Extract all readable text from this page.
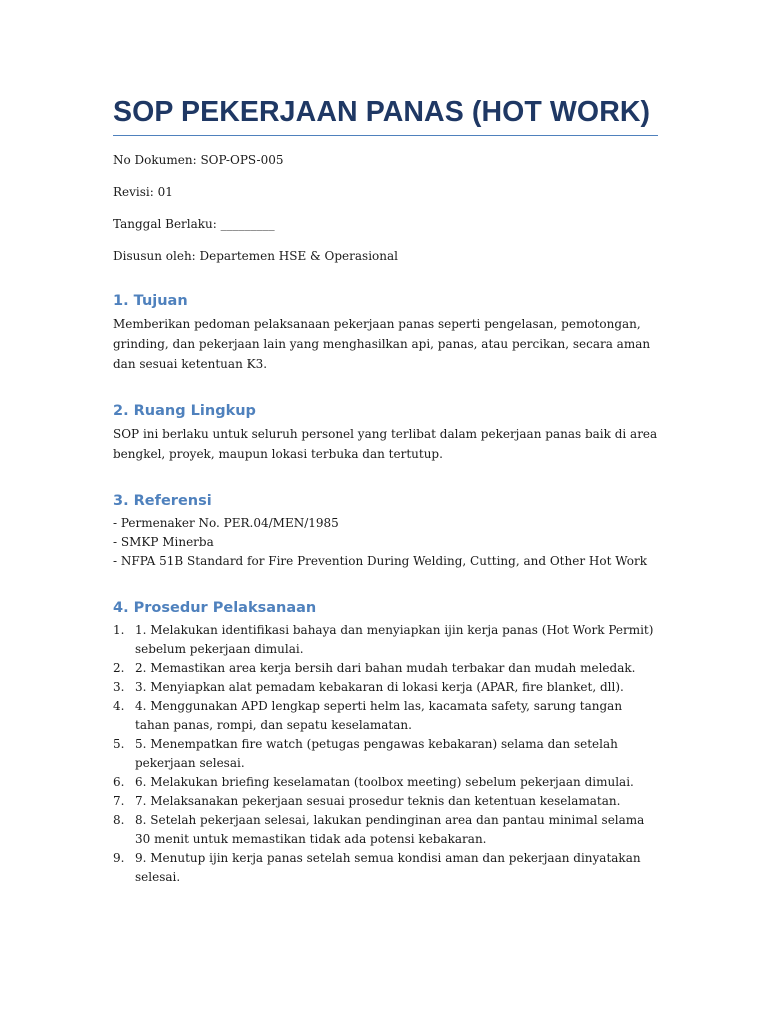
SOP PEKERJAAN PANAS (HOT WORK)

No Dokumen: SOP-OPS-005

Revisi: 01

Tanggal Berlaku: _________

Disusun oleh: Departemen HSE & Operasional

1. Tujuan

Memberikan pedoman pelaksanaan pekerjaan panas seperti pengelasan, pemotongan, grinding, dan pekerjaan lain yang menghasilkan api, panas, atau percikan, secara aman dan sesuai ketentuan K3.

2. Ruang Lingkup

SOP ini berlaku untuk seluruh personel yang terlibat dalam pekerjaan panas baik di area bengkel, proyek, maupun lokasi terbuka dan tertutup.

3. Referensi
- Permenaker No. PER.04/MEN/1985
- SMKP Minerba
- NFPA 51B Standard for Fire Prevention During Welding, Cutting, and Other Hot Work
4. Prosedur Pelaksanaan
1. 1. Melakukan identifikasi bahaya dan menyiapkan ijin kerja panas (Hot Work Permit) sebelum pekerjaan dimulai.
2. 2. Memastikan area kerja bersih dari bahan mudah terbakar dan mudah meledak.
3. 3. Menyiapkan alat pemadam kebakaran di lokasi kerja (APAR, fire blanket, dll).
4. 4. Menggunakan APD lengkap seperti helm las, kacamata safety, sarung tangan tahan panas, rompi, dan sepatu keselamatan.
5. 5. Menempatkan fire watch (petugas pengawas kebakaran) selama dan setelah pekerjaan selesai.
6. 6. Melakukan briefing keselamatan (toolbox meeting) sebelum pekerjaan dimulai.
7. 7. Melaksanakan pekerjaan sesuai prosedur teknis dan ketentuan keselamatan.
8. 8. Setelah pekerjaan selesai, lakukan pendinginan area dan pantau minimal selama 30 menit untuk memastikan tidak ada potensi kebakaran.
9. 9. Menutup ijin kerja panas setelah semua kondisi aman dan pekerjaan dinyatakan selesai.
